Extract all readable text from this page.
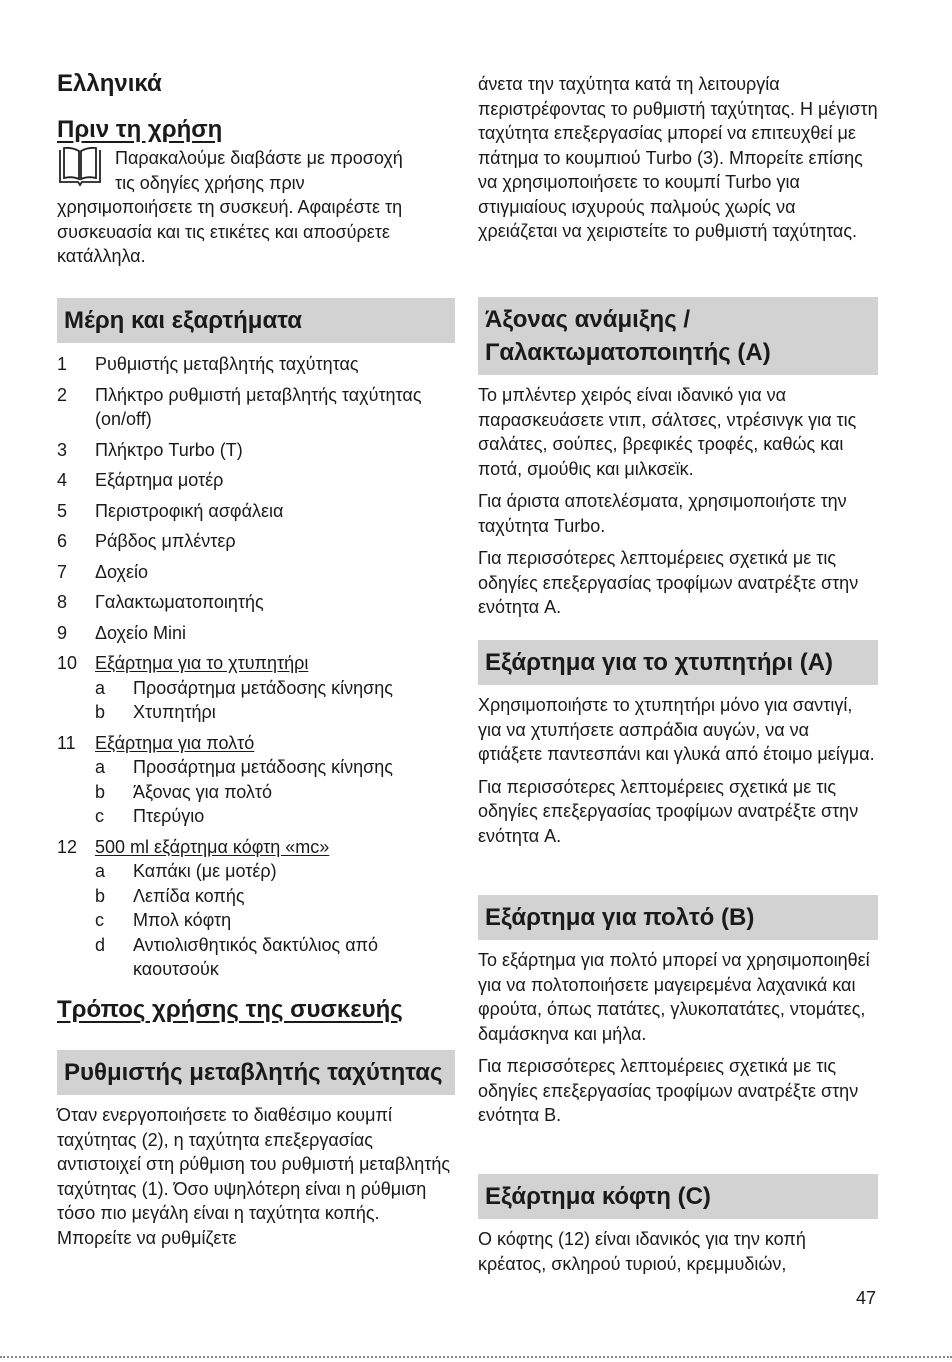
Ελληνικά
Πριν τη χρήση

Παρακαλούμε διαβάστε με προσοχή

τις οδηγίες χρήσης πριν

χρησιμοποιήσετε τη συσκευή. Αφαιρέστε τη συσκευασία και τις ετικέτες και αποσύρετε κατάλληλα.

Μέρη και εξαρτήματα
1 Ρυθμιστής μεταβλητής ταχύτητας
2 Πλήκτρο ρυθμιστή μεταβλητής ταχύτητας (on/off)
3 Πλήκτρο Turbo (T)
4 Εξάρτημα μοτέρ
5 Περιστροφική ασφάλεια
6 Ράβδος μπλέντερ
7 Δοχείο
8 Γαλακτωματοποιητής
9 Δοχείο Mini
10 Εξάρτημα για το χτυπητήρι
a Προσάρτημα μετάδοσης κίνησης
b Χτυπητήρι
11 Εξάρτημα για πολτό
a Προσάρτημα μετάδοσης κίνησης
b Άξονας για πολτό
c Πτερύγιο
12 500 ml εξάρτημα κόφτη «mc»
a Καπάκι (με μοτέρ)
b Λεπίδα κοπής
c Μπολ κόφτη
d Αντιολισθητικός δακτύλιος από καουτσούκ
Τρόπος χρήσης της συσκευής
Ρυθμιστής μεταβλητής ταχύτητας

Όταν ενεργοποιήσετε το διαθέσιμο κουμπί ταχύτητας (2), η ταχύτητα επεξεργασίας αντιστοιχεί στη ρύθμιση του ρυθμιστή μεταβλητής ταχύτητας (1). Όσο υψηλότερη είναι η ρύθμιση τόσο πιο μεγάλη είναι η ταχύτητα κοπής. Μπορείτε να ρυθμίζετε

άνετα την ταχύτητα κατά τη λειτουργία περιστρέφοντας το ρυθμιστή ταχύτητας. Η μέγιστη ταχύτητα επεξεργασίας μπορεί να επιτευχθεί με πάτημα το κουμπιού Turbo (3). Μπορείτε επίσης να χρησιμοποιήσετε το κουμπί Turbo για στιγμιαίους ισχυρούς παλμούς χωρίς να χρειάζεται να χειριστείτε το ρυθμιστή ταχύτητας.

Άξονας ανάμιξης / Γαλακτωματοποιητής (A)

Το μπλέντερ χειρός είναι ιδανικό για να παρασκευάσετε ντιπ, σάλτσες, ντρέσινγκ για τις σαλάτες, σούπες, βρεφικές τροφές, καθώς και ποτά, σμούθις και μιλκσεϊκ.

Για άριστα αποτελέσματα, χρησιμοποιήστε την ταχύτητα Turbo.

Για περισσότερες λεπτομέρειες σχετικά με τις οδηγίες επεξεργασίας τροφίμων ανατρέξτε στην ενότητα A.

Εξάρτημα για το χτυπητήρι (A)

Χρησιμοποιήστε το χτυπητήρι μόνο για σαντιγί, για να χτυπήσετε ασπράδια αυγών, να να φτιάξετε παντεσπάνι και γλυκά από έτοιμο μείγμα.

Για περισσότερες λεπτομέρειες σχετικά με τις οδηγίες επεξεργασίας τροφίμων ανατρέξτε στην ενότητα A.

Εξάρτημα για πολτό (B)

Το εξάρτημα για πολτό μπορεί να χρησιμοποιηθεί για να πολτοποιήσετε μαγειρεμένα λαχανικά και φρούτα, όπως πατάτες, γλυκοπατάτες, ντομάτες, δαμάσκηνα και μήλα.

Για περισσότερες λεπτομέρειες σχετικά με τις οδηγίες επεξεργασίας τροφίμων ανατρέξτε στην ενότητα B.

Εξάρτημα κόφτη (C)

Ο κόφτης (12) είναι ιδανικός για την κοπή κρέατος, σκληρού τυριού, κρεμμυδιών,

47
